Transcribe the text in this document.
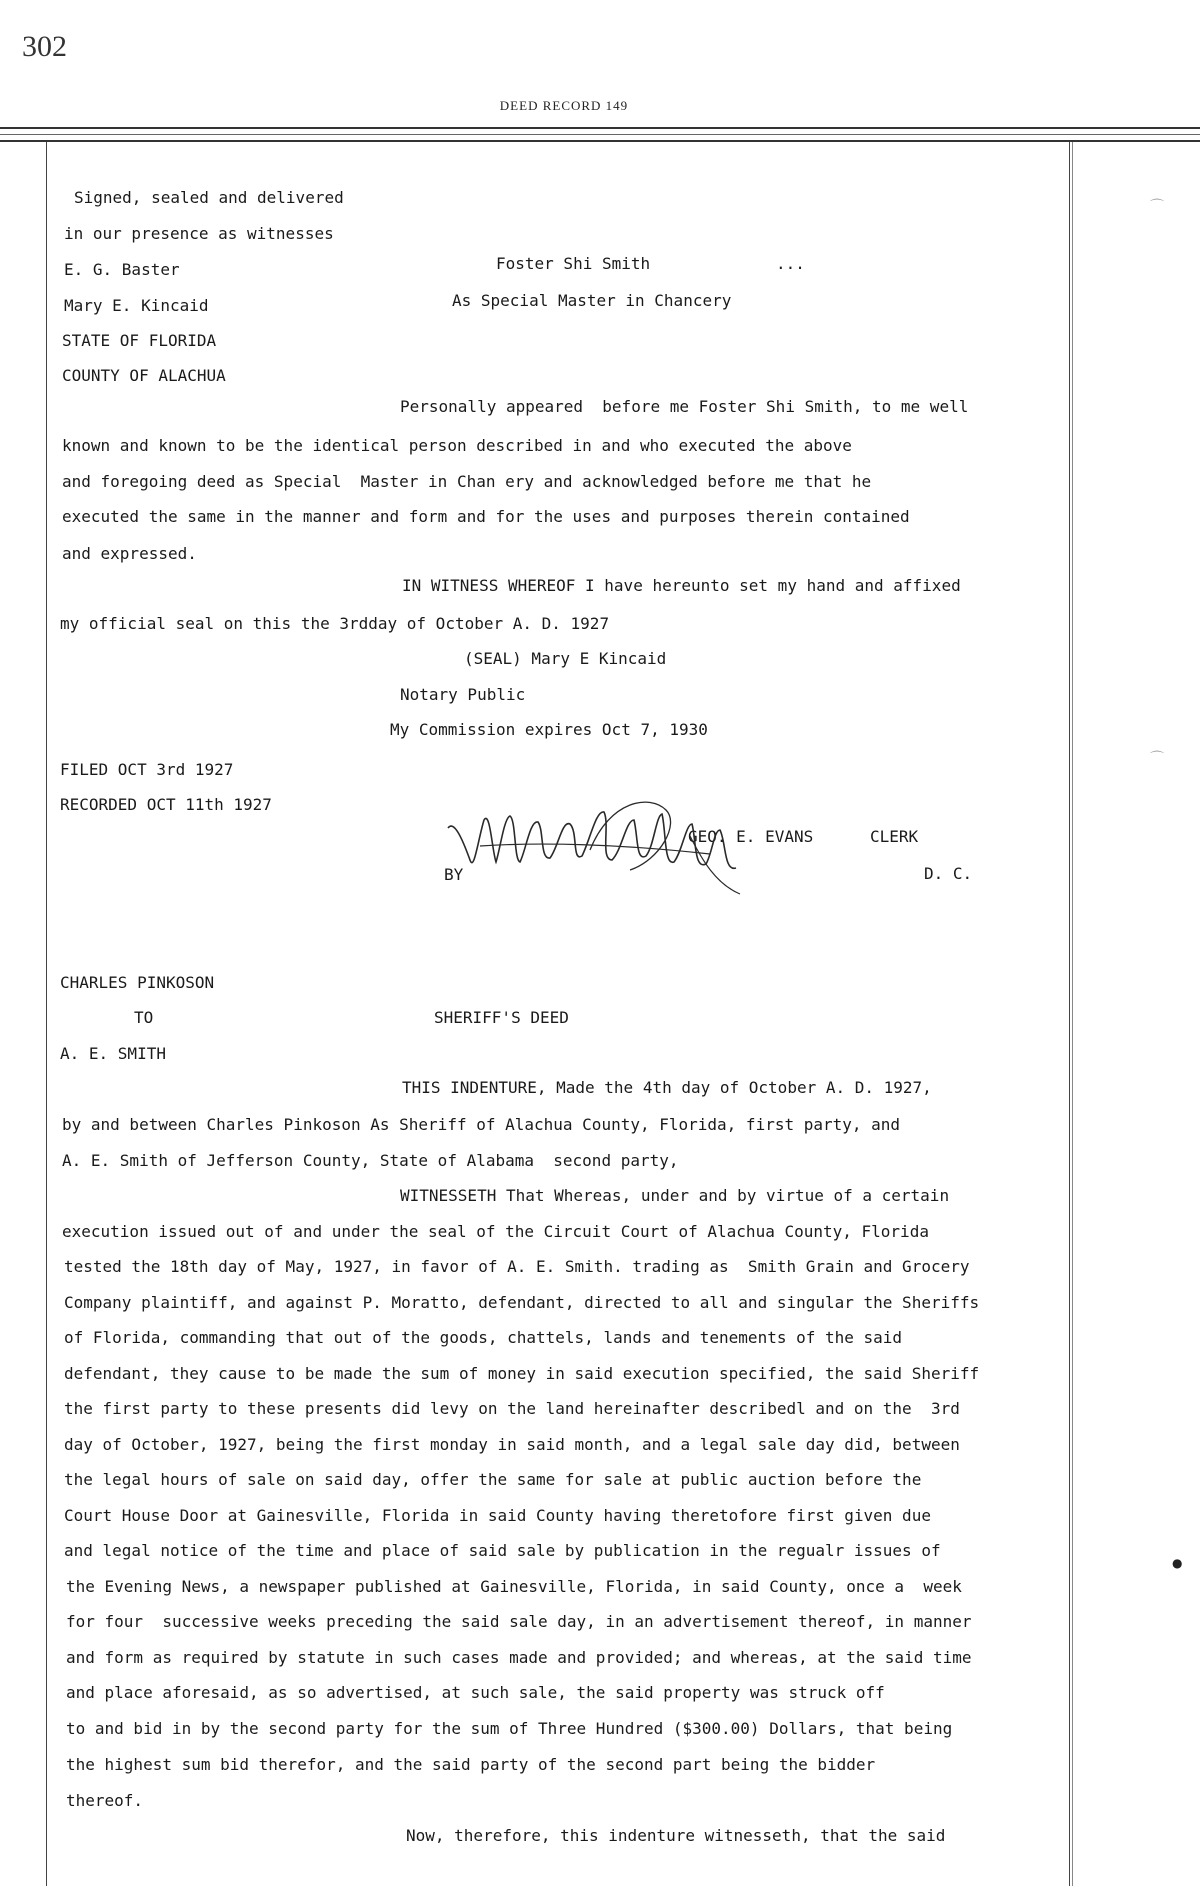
302
DEED RECORD 149
Signed, sealed and delivered
in our presence as witnesses
E. G. Baster	Foster Shi Smith	...
Mary E. Kincaid	As Special Master in Chancery
STATE OF FLORIDA
COUNTY OF ALACHUA
Personally appeared  before me Foster Shi Smith, to me well
known and known to be the identical person described in and who executed the above
and foregoing deed as Special  Master in Chan ery and acknowledged before me that he
executed the same in the manner and form and for the uses and purposes therein contained
and expressed.
IN WITNESS WHEREOF I have hereunto set my hand and affixed
my official seal on this the 3rdday of October A. D. 1927
(SEAL) Mary E Kincaid
Notary Public
My Commission expires Oct 7, 1930
FILED OCT 3rd 1927
RECORDED OCT 11th 1927
GEO. E. EVANS	CLERK
BY	D. C.
CHARLES PINKOSON
TO	SHERIFF'S DEED
A. E. SMITH
THIS INDENTURE, Made the 4th day of October A. D. 1927,
by and between Charles Pinkoson As Sheriff of Alachua County, Florida, first party, and
A. E. Smith of Jefferson County, State of Alabama  second party,
WITNESSETH That Whereas, under and by virtue of a certain
execution issued out of and under the seal of the Circuit Court of Alachua County, Florida
tested the 18th day of May, 1927, in favor of A. E. Smith. trading as  Smith Grain and Grocery
Company plaintiff, and against P. Moratto, defendant, directed to all and singular the Sheriffs
of Florida, commanding that out of the goods, chattels, lands and tenements of the said
defendant, they cause to be made the sum of money in said execution specified, the said Sheriff
the first party to these presents did levy on the land hereinafter describedl and on the  3rd
day of October, 1927, being the first monday in said month, and a legal sale day did, between
the legal hours of sale on said day, offer the same for sale at public auction before the
Court House Door at Gainesville, Florida in said County having theretofore first given due
and legal notice of the time and place of said sale by publication in the regualr issues of
the Evening News, a newspaper published at Gainesville, Florida, in said County, once a  week
for four  successive weeks preceding the said sale day, in an advertisement thereof, in manner
and form as required by statute in such cases made and provided; and whereas, at the said time
and place aforesaid, as so advertised, at such sale, the said property was struck off
to and bid in by the second party for the sum of Three Hundred ($300.00) Dollars, that being
the highest sum bid therefor, and the said party of the second part being the bidder
thereof.
Now, therefore, this indenture witnesseth, that the said
⌒
⌒
●
